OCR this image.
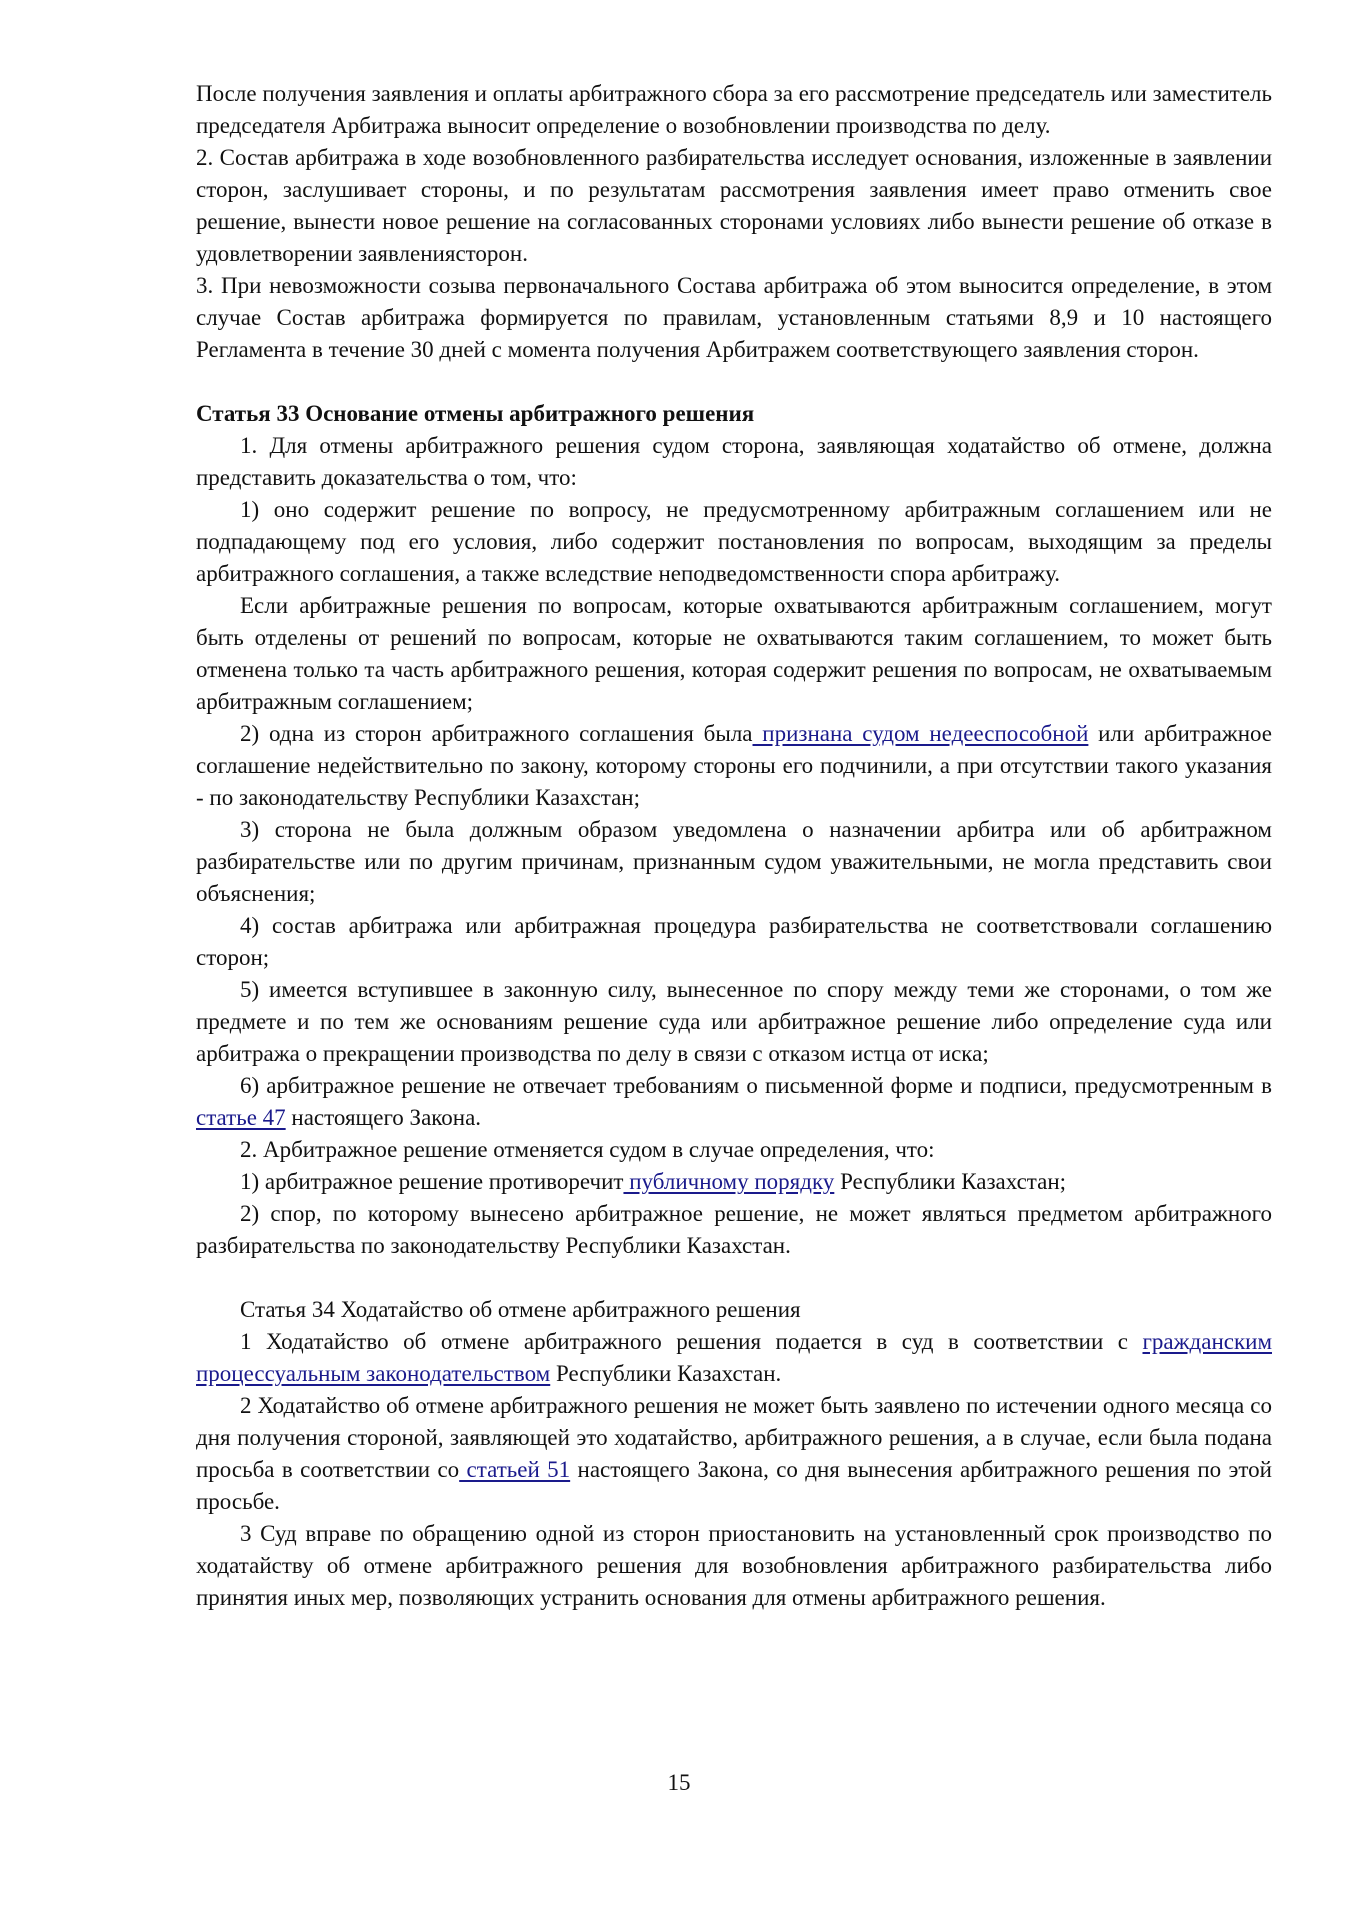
После получения заявления и оплаты арбитражного сбора за его рассмотрение председатель или заместитель председателя Арбитража выносит определение о возобновлении производства по делу.

2. Состав арбитража в ходе возобновленного разбирательства исследует основания, изложенные в заявлении сторон, заслушивает стороны, и по результатам рассмотрения заявления имеет право отменить свое решение, вынести новое решение на согласованных сторонами условиях либо вынести решение об отказе в удовлетворении заявлениясторон.

3. При невозможности созыва первоначального Состава арбитража об этом выносится определение, в этом случае Состав арбитража формируется по правилам, установленным статьями 8,9 и 10 настоящего Регламента в течение 30 дней с момента получения Арбитражем соответствующего заявления сторон.

Статья 33 Основание отмены арбитражного решения

1. Для отмены арбитражного решения судом сторона, заявляющая ходатайство об отмене, должна представить доказательства о том, что:

1) оно содержит решение по вопросу, не предусмотренному арбитражным соглашением или не подпадающему под его условия, либо содержит постановления по вопросам, выходящим за пределы арбитражного соглашения, а также вследствие неподведомственности спора арбитражу.

Если арбитражные решения по вопросам, которые охватываются арбитражным соглашением, могут быть отделены от решений по вопросам, которые не охватываются таким соглашением, то может быть отменена только та часть арбитражного решения, которая содержит решения по вопросам, не охватываемым арбитражным соглашением;

2) одна из сторон арбитражного соглашения была признана судом недееспособной или арбитражное соглашение недействительно по закону, которому стороны его подчинили, а при отсутствии такого указания - по законодательству Республики Казахстан;

3) сторона не была должным образом уведомлена о назначении арбитра или об арбитражном разбирательстве или по другим причинам, признанным судом уважительными, не могла представить свои объяснения;

4) состав арбитража или арбитражная процедура разбирательства не соответствовали соглашению сторон;

5) имеется вступившее в законную силу, вынесенное по спору между теми же сторонами, о том же предмете и по тем же основаниям решение суда или арбитражное решение либо определение суда или арбитража о прекращении производства по делу в связи с отказом истца от иска;

6) арбитражное решение не отвечает требованиям о письменной форме и подписи, предусмотренным в статье 47 настоящего Закона.

2. Арбитражное решение отменяется судом в случае определения, что:

1) арбитражное решение противоречит публичному порядку Республики Казахстан;

2) спор, по которому вынесено арбитражное решение, не может являться предметом арбитражного разбирательства по законодательству Республики Казахстан.

Статья 34 Ходатайство об отмене арбитражного решения

1 Ходатайство об отмене арбитражного решения подается в суд в соответствии с гражданским процессуальным законодательством Республики Казахстан.

2 Ходатайство об отмене арбитражного решения не может быть заявлено по истечении одного месяца со дня получения стороной, заявляющей это ходатайство, арбитражного решения, а в случае, если была подана просьба в соответствии со статьей 51 настоящего Закона, со дня вынесения арбитражного решения по этой просьбе.

3 Суд вправе по обращению одной из сторон приостановить на установленный срок производство по ходатайству об отмене арбитражного решения для возобновления арбитражного разбирательства либо принятия иных мер, позволяющих устранить основания для отмены арбитражного решения.

15
